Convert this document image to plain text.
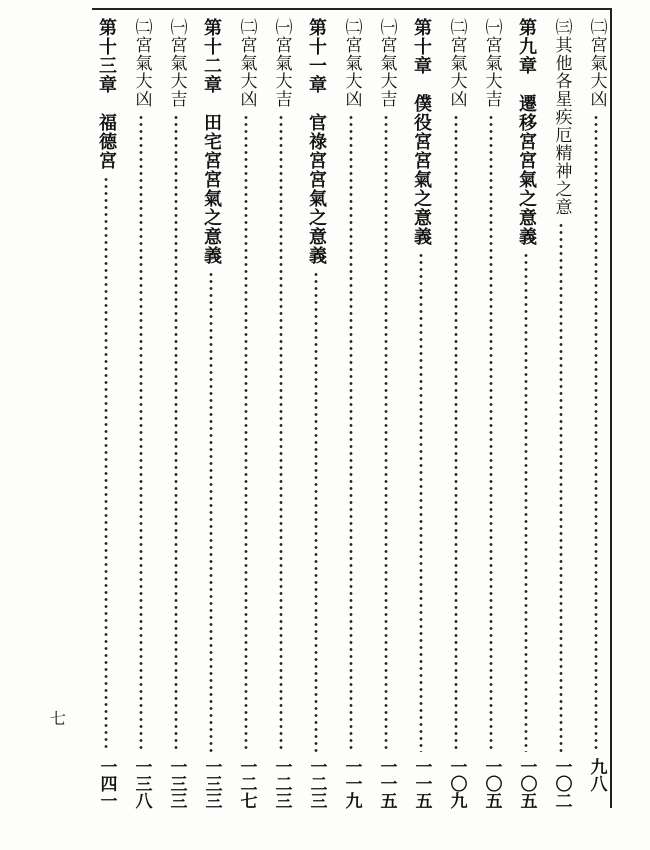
㈡宮氣大凶
九八
㈢其他各星疾厄精神之意
一〇二
第九章　遷移宮宮氣之意義
一〇五
㈠宮氣大吉
一〇五
㈡宮氣大凶
一〇九
第十章　僕役宮宮氣之意義
一一五
㈠宮氣大吉
一一五
㈡宮氣大凶
一一九
第十一章　官祿宮宮氣之意義
一二三
㈠宮氣大吉
一二三
㈡宮氣大凶
一二七
第十二章　田宅宮宮氣之意義
一三三
㈠宮氣大吉
一三三
㈡宮氣大凶
一三八
第十三章　福德宮
一四一
七
